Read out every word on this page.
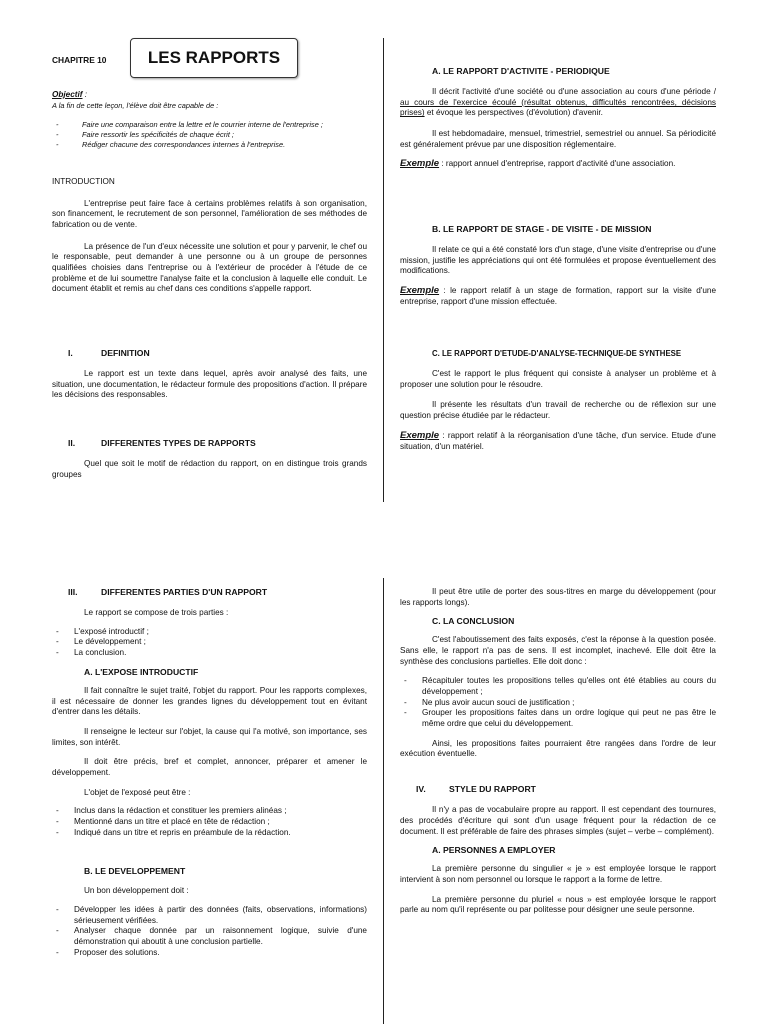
CHAPITRE 10	LES RAPPORTS

Objectif :

A la fin de cette leçon, l'élève doit être capable de :

- Faire une comparaison entre la lettre et le courrier interne de l'entreprise ;
- Faire ressortir les spécificités de chaque écrit ;
- Rédiger chacune des correspondances internes à l'entreprise.

INTRODUCTION

L'entreprise peut faire face à certains problèmes relatifs à son organisation, son financement, le recrutement de son personnel, l'amélioration de ses méthodes de fabrication ou de vente.

La présence de l'un d'eux nécessite une solution et pour y parvenir, le chef ou le responsable, peut demander à une personne ou à un groupe de personnes qualifiées choisies dans l'entreprise ou à l'extérieur de procéder à l'étude de ce problème et de lui soumettre l'analyse faite et la conclusion à laquelle elle conduit. Le document établit et remis au chef dans ces conditions s'appelle rapport.

I.	DEFINITION

Le rapport est un texte dans lequel, après avoir analysé des faits, une situation, une documentation, le rédacteur formule des propositions d'action. Il prépare les décisions des responsables.

II.	DIFFERENTES TYPES DE RAPPORTS

Quel que soit le motif de rédaction du rapport, on en distingue trois grands groupes

A. LE RAPPORT D'ACTIVITE - PERIODIQUE

Il décrit l'activité d'une société ou d'une association au cours d'une période / au cours de l'exercice écoulé (résultat obtenus, difficultés rencontrées, décisions prises) et évoque les perspectives (d'évolution) d'avenir.

Il est hebdomadaire, mensuel, trimestriel, semestriel ou annuel. Sa périodicité est généralement prévue par une disposition réglementaire.

Exemple : rapport annuel d'entreprise, rapport d'activité d'une association.

B. LE RAPPORT DE STAGE - DE VISITE - DE MISSION

Il relate ce qui a été constaté lors d'un stage, d'une visite d'entreprise ou d'une mission, justifie les appréciations qui ont été formulées et propose éventuellement des modifications.

Exemple : le rapport relatif à un stage de formation, rapport sur la visite d'une entreprise, rapport d'une mission effectuée.

C. LE RAPPORT D'ETUDE-D'ANALYSE-TECHNIQUE-DE SYNTHESE

C'est le rapport le plus fréquent qui consiste à analyser un problème et à proposer une solution pour le résoudre.

Il présente les résultats d'un travail de recherche ou de réflexion sur une question précise étudiée par le rédacteur.

Exemple : rapport relatif à la réorganisation d'une tâche, d'un service. Etude d'une situation, d'un matériel.

III.	DIFFERENTES PARTIES D'UN RAPPORT

Le rapport se compose de trois parties :

- L'exposé introductif ;
- Le développement ;
- La conclusion.

A. L'EXPOSE INTRODUCTIF

Il fait connaître le sujet traité, l'objet du rapport. Pour les rapports complexes, il est nécessaire de donner les grandes lignes du développement tout en évitant d'entrer dans les détails.

Il renseigne le lecteur sur l'objet, la cause qui l'a motivé, son importance, ses limites, son intérêt.

Il doit être précis, bref et complet, annoncer, préparer et amener le développement.

L'objet de l'exposé peut être :

- Inclus dans la rédaction et constituer les premiers alinéas ;
- Mentionné dans un titre et placé en tête de rédaction ;
- Indiqué dans un titre et repris en préambule de la rédaction.

B. LE DEVELOPPEMENT

Un bon développement doit :

- Développer les idées à partir des données (faits, observations, informations) sérieusement vérifiées.
- Analyser chaque donnée par un raisonnement logique, suivie d'une démonstration qui aboutit à une conclusion partielle.
- Proposer des solutions.

Il peut être utile de porter des sous-titres en marge du développement (pour les rapports longs).

C. LA CONCLUSION

C'est l'aboutissement des faits exposés, c'est la réponse à la question posée. Sans elle, le rapport n'a pas de sens. Il est incomplet, inachevé. Elle doit être la synthèse des conclusions partielles. Elle doit donc :

- Récapituler toutes les propositions telles qu'elles ont été établies au cours du développement ;
- Ne plus avoir aucun souci de justification ;
- Grouper les propositions faites dans un ordre logique qui peut ne pas être le même ordre que celui du développement.

Ainsi, les propositions faites pourraient être rangées dans l'ordre de leur exécution éventuelle.

IV.	STYLE DU RAPPORT

Il n'y a pas de vocabulaire propre au rapport. Il est cependant des tournures, des procédés d'écriture qui sont d'un usage fréquent pour la rédaction de ce document. Il est préférable de faire des phrases simples (sujet – verbe – complément).

A. PERSONNES A EMPLOYER

La première personne du singulier « je » est employée lorsque le rapport intervient à son nom personnel ou lorsque le rapport a la forme de lettre.

La première personne du pluriel « nous » est employée lorsque le rapport parle au nom qu'il représente ou par politesse pour désigner une seule personne.
